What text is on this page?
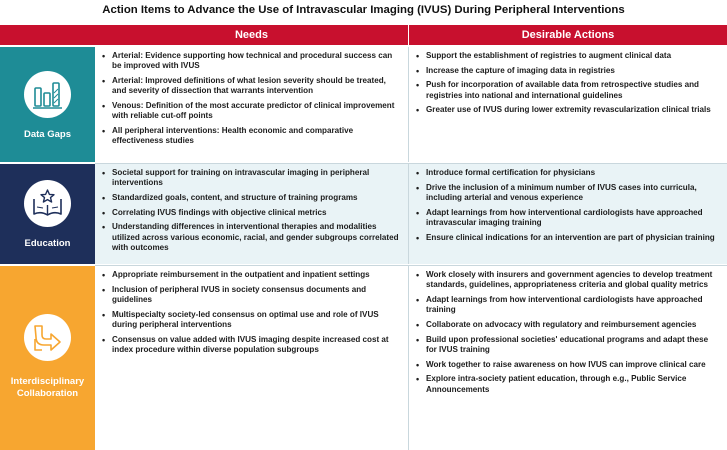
Action Items to Advance the Use of Intravascular Imaging (IVUS) During Peripheral Interventions
Needs	Desirable Actions
Data Gaps
• Arterial: Evidence supporting how technical and procedural success can be improved with IVUS
• Arterial: Improved definitions of what lesion severity should be treated, and severity of dissection that warrants intervention
• Venous: Definition of the most accurate predictor of clinical improvement with reliable cut-off points
• All peripheral interventions: Health economic and comparative effectiveness studies
• Support the establishment of registries to augment clinical data
• Increase the capture of imaging data in registries
• Push for incorporation of available data from retrospective studies and registries into national and international guidelines
• Greater use of IVUS during lower extremity revascularization clinical trials
Education
• Societal support for training on intravascular imaging in peripheral interventions
• Standardized goals, content, and structure of training programs
• Correlating IVUS findings with objective clinical metrics
• Understanding differences in interventional therapies and modalities utilized across various economic, racial, and gender subgroups correlated with outcomes
• Introduce formal certification for physicians
• Drive the inclusion of a minimum number of IVUS cases into curricula, including arterial and venous experience
• Adapt learnings from how interventional cardiologists have approached intravascular imaging training
• Ensure clinical indications for an intervention are part of physician training
Interdisciplinary
Collaboration
• Appropriate reimbursement in the outpatient and inpatient settings
• Inclusion of peripheral IVUS in society consensus documents and guidelines
• Multispecialty society-led consensus on optimal use and role of IVUS during peripheral interventions
• Consensus on value added with IVUS imaging despite increased cost at index procedure within diverse population subgroups
• Work closely with insurers and government agencies to develop treatment standards, guidelines, appropriateness criteria and global quality metrics
• Adapt learnings from how interventional cardiologists have approached training
• Collaborate on advocacy with regulatory and reimbursement agencies
• Build upon professional societies' educational programs and adapt these for IVUS training
• Work together to raise awareness on how IVUS can improve clinical care
• Explore intra-society patient education, through e.g., Public Service Announcements
